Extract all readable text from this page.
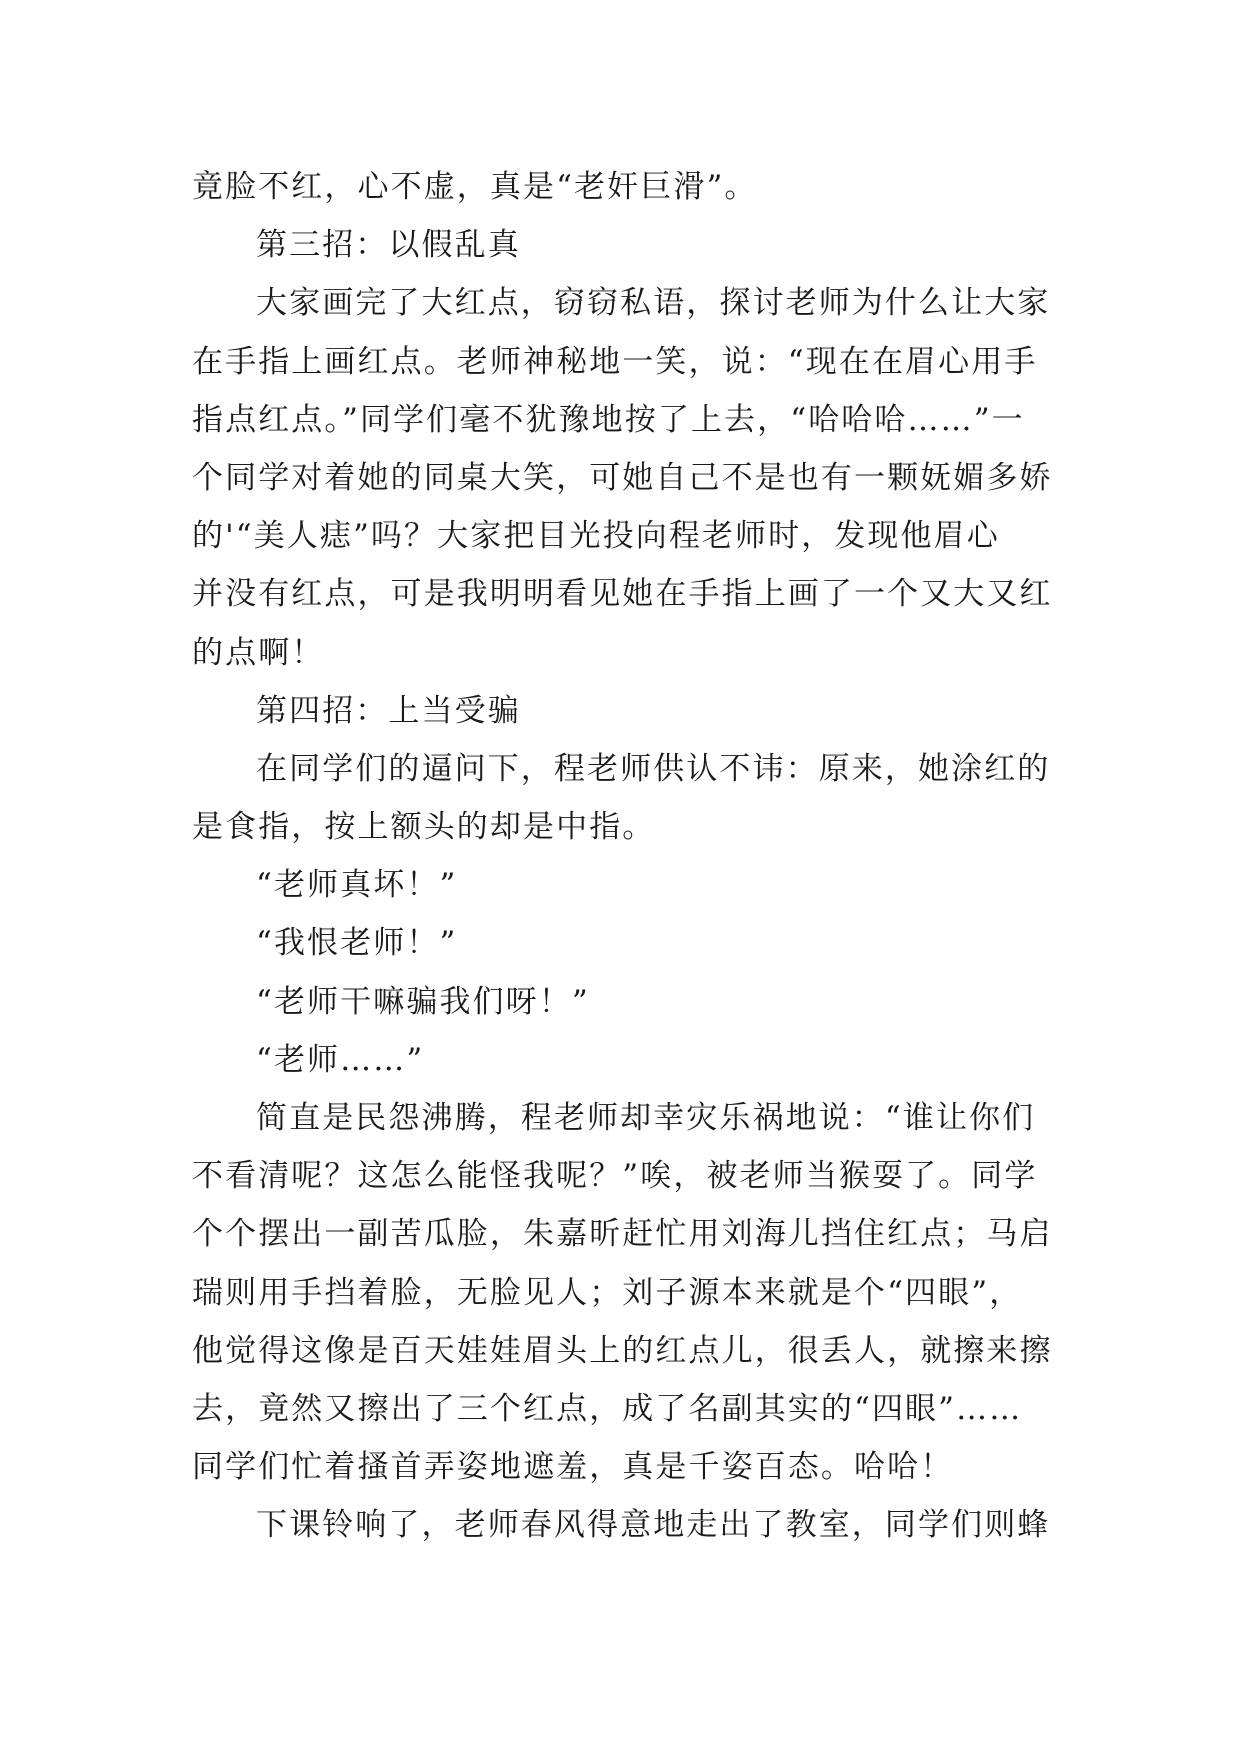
竟脸不红，心不虚，真是“老奸巨滑”。
第三招：以假乱真
大家画完了大红点，窃窃私语，探讨老师为什么让大家
在手指上画红点。老师神秘地一笑，说：“现在在眉心用手
指点红点。”同学们毫不犹豫地按了上去，“哈哈哈……”一
个同学对着她的同桌大笑，可她自己不是也有一颗妩媚多娇
的'“美人痣”吗？大家把目光投向程老师时，发现他眉心
并没有红点，可是我明明看见她在手指上画了一个又大又红
的点啊！
第四招：上当受骗
在同学们的逼问下，程老师供认不讳：原来，她涂红的
是食指，按上额头的却是中指。
“老师真坏！”
“我恨老师！”
“老师干嘛骗我们呀！”
“老师……”
简直是民怨沸腾，程老师却幸灾乐祸地说：“谁让你们
不看清呢？这怎么能怪我呢？”唉，被老师当猴耍了。同学
个个摆出一副苦瓜脸，朱嘉昕赶忙用刘海儿挡住红点；马启
瑞则用手挡着脸，无脸见人；刘子源本来就是个“四眼”，
他觉得这像是百天娃娃眉头上的红点儿，很丢人，就擦来擦
去，竟然又擦出了三个红点，成了名副其实的“四眼”……
同学们忙着搔首弄姿地遮羞，真是千姿百态。哈哈！
下课铃响了，老师春风得意地走出了教室，同学们则蜂
